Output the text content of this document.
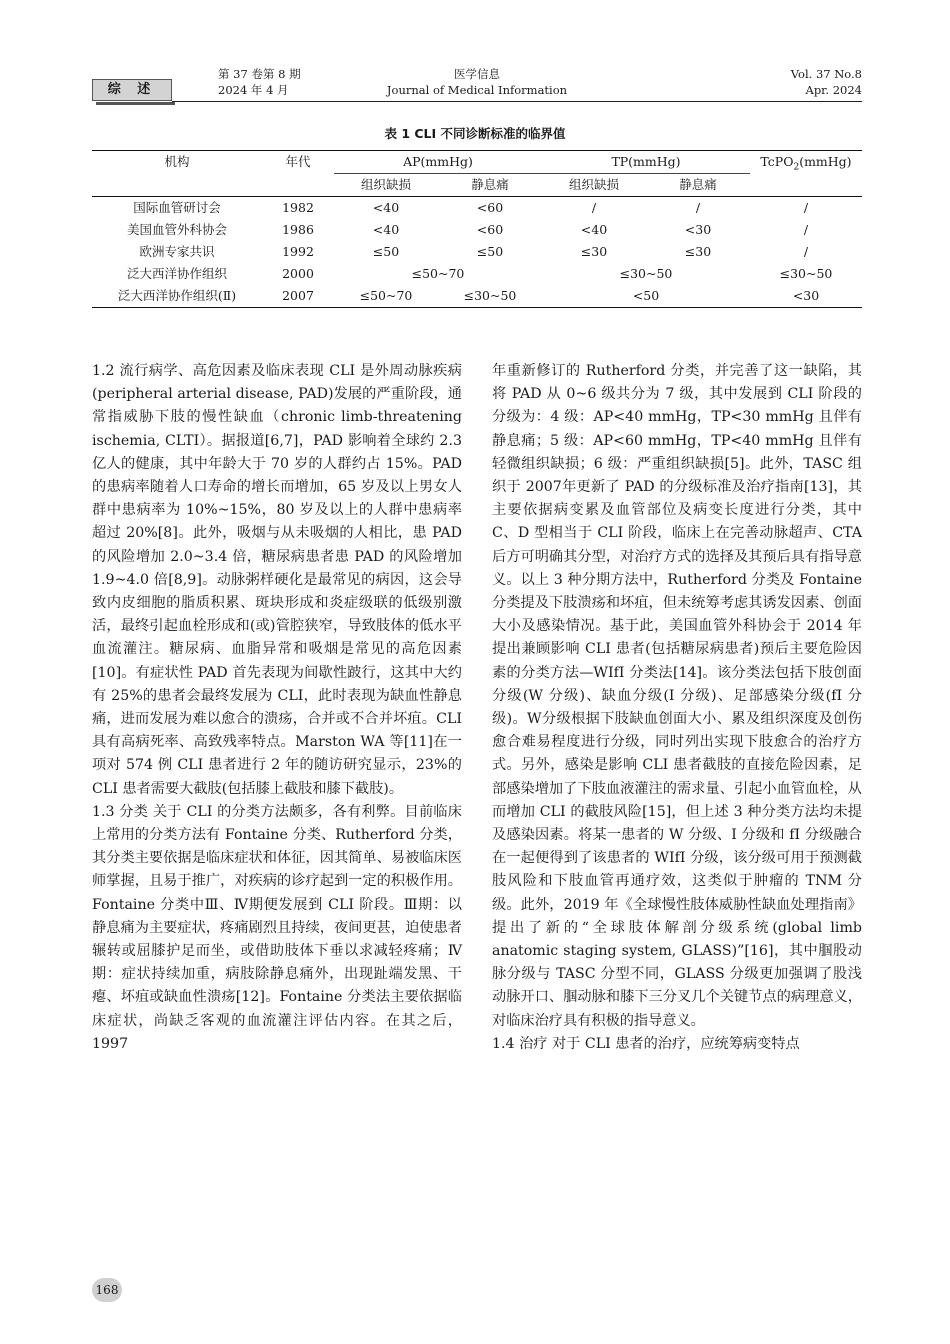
综 述
第 37 卷第 8 期
2024 年 4 月
医学信息
Journal of Medical Information
Vol. 37 No.8
Apr. 2024
表 1 CLI 不同诊断标准的临界值
机构	年代	AP(mmHg)		TP(mmHg)		TcPO$_2$(mmHg)
		组织缺损	静息痛	组织缺损	静息痛	
国际血管研讨会	1982	<40	<60	/	/	/
美国血管外科协会	1986	<40	<60	<40	<30	/
欧洲专家共识	1992	≤50	≤50	≤30	≤30	/
泛大西洋协作组织	2000	≤50~70		≤30~50		≤30~50
泛大西洋协作组织(Ⅱ)	2007	≤50~70	≤30~50	<50		<30

1.2 流行病学、高危因素及临床表现 CLI 是外周动脉疾病(peripheral arterial disease, PAD)发展的严重阶段，通常指威胁下肢的慢性缺血（chronic limb-threatening ischemia, CLTI）。据报道[6,7]，PAD 影响着全球约 2.3 亿人的健康，其中年龄大于 70 岁的人群约占 15%。PAD 的患病率随着人口寿命的增长而增加，65 岁及以上男女人群中患病率为 10%~15%，80 岁及以上的人群中患病率超过 20%[8]。此外，吸烟与从未吸烟的人相比，患 PAD 的风险增加 2.0~3.4 倍，糖尿病患者患 PAD 的风险增加 1.9~4.0 倍[8,9]。动脉粥样硬化是最常见的病因，这会导致内皮细胞的脂质积累、斑块形成和炎症级联的低级别激活，最终引起血栓形成和(或)管腔狭窄，导致肢体的低水平血流灌注。糖尿病、血脂异常和吸烟是常见的高危因素[10]。有症状性 PAD 首先表现为间歇性跛行，这其中大约有 25%的患者会最终发展为 CLI，此时表现为缺血性静息痛，进而发展为难以愈合的溃疡，合并或不合并坏疽。CLI 具有高病死率、高致残率特点。Marston WA 等[11]在一项对 574 例 CLI 患者进行 2 年的随访研究显示，23%的 CLI 患者需要大截肢(包括膝上截肢和膝下截肢)。

1.3 分类 关于 CLI 的分类方法颇多，各有利弊。目前临床上常用的分类方法有 Fontaine 分类、Rutherford 分类，其分类主要依据是临床症状和体征，因其简单、易被临床医师掌握，且易于推广，对疾病的诊疗起到一定的积极作用。Fontaine 分类中Ⅲ、Ⅳ期便发展到 CLI 阶段。Ⅲ期：以静息痛为主要症状，疼痛剧烈且持续，夜间更甚，迫使患者辗转或屈膝护足而坐，或借助肢体下垂以求减轻疼痛；Ⅳ期：症状持续加重，病肢除静息痛外，出现趾端发黑、干瘪、坏疽或缺血性溃疡[12]。Fontaine 分类法主要依据临床症状，尚缺乏客观的血流灌注评估内容。在其之后，1997

年重新修订的 Rutherford 分类，并完善了这一缺陷，其将 PAD 从 0~6 级共分为 7 级，其中发展到 CLI 阶段的分级为：4 级：AP<40 mmHg，TP<30 mmHg 且伴有静息痛；5 级：AP<60 mmHg，TP<40 mmHg 且伴有轻微组织缺损；6 级：严重组织缺损[5]。此外，TASC 组织于 2007年更新了 PAD 的分级标准及治疗指南[13]，其主要依据病变累及血管部位及病变长度进行分类，其中 C、D 型相当于 CLI 阶段，临床上在完善动脉超声、CTA 后方可明确其分型，对治疗方式的选择及其预后具有指导意义。以上 3 种分期方法中，Rutherford 分类及 Fontaine 分类提及下肢溃疡和坏疽，但未统筹考虑其诱发因素、创面大小及感染情况。基于此，美国血管外科协会于 2014 年提出兼顾影响 CLI 患者(包括糖尿病患者)预后主要危险因素的分类方法—WIfI 分类法[14]。该分类法包括下肢创面分级(W 分级)、缺血分级(I 分级)、足部感染分级(fI 分级)。W分级根据下肢缺血创面大小、累及组织深度及创伤愈合难易程度进行分级，同时列出实现下肢愈合的治疗方式。另外，感染是影响 CLI 患者截肢的直接危险因素，足部感染增加了下肢血液灌注的需求量、引起小血管血栓，从而增加 CLI 的截肢风险[15]，但上述 3 种分类方法均未提及感染因素。将某一患者的 W 分级、I 分级和 fI 分级融合在一起便得到了该患者的 WIfI 分级，该分级可用于预测截肢风险和下肢血管再通疗效，这类似于肿瘤的 TNM 分级。此外，2019 年《全球慢性肢体威胁性缺血处理指南》提出了新的“全球肢体解剖分级系统(global limb anatomic staging system, GLASS)”[16]，其中腘股动脉分级与 TASC 分型不同，GLASS 分级更加强调了股浅动脉开口、腘动脉和膝下三分叉几个关键节点的病理意义，对临床治疗具有积极的指导意义。

1.4 治疗 对于 CLI 患者的治疗，应统筹病变特点

168
